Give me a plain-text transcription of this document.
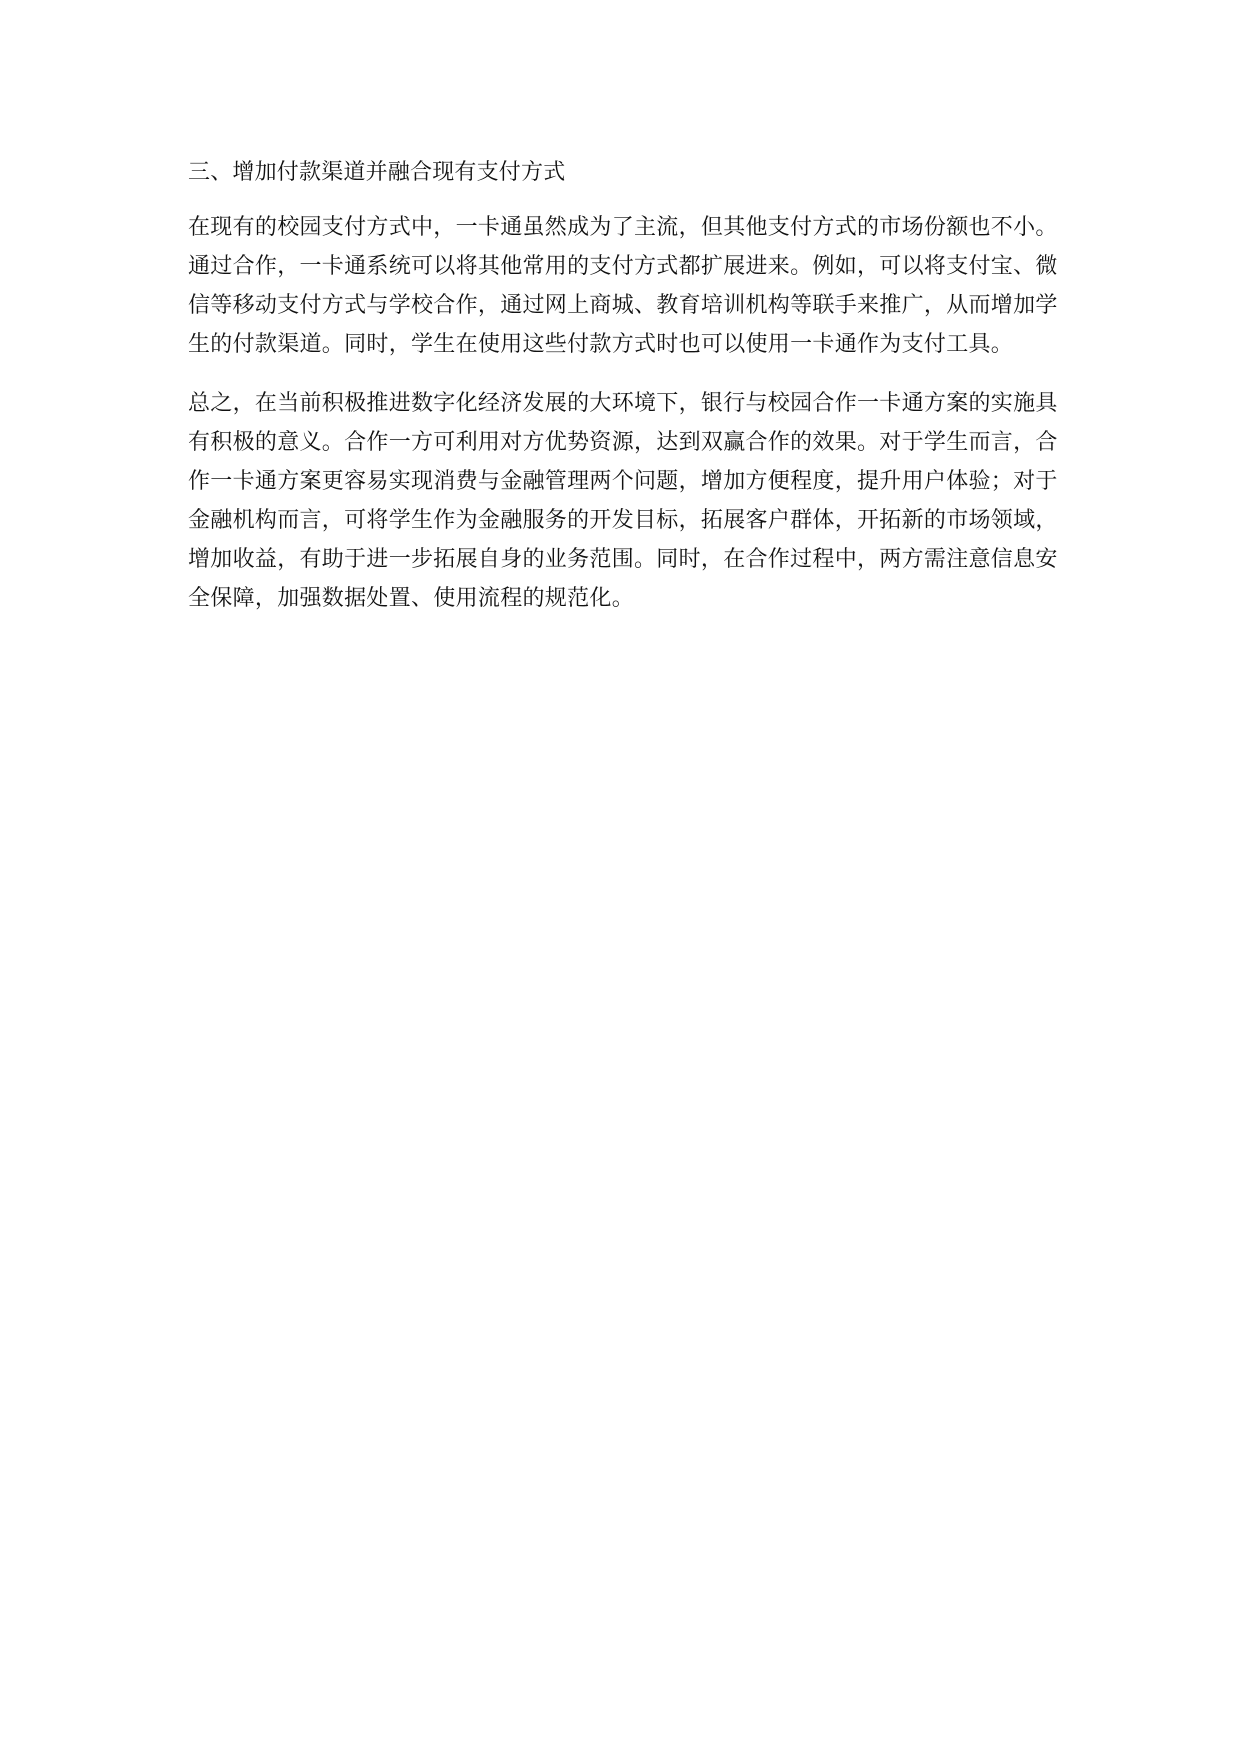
三、增加付款渠道并融合现有支付方式

在现有的校园支付方式中，一卡通虽然成为了主流，但其他支付方式的市场份额也不小。通过合作，一卡通系统可以将其他常用的支付方式都扩展进来。例如，可以将支付宝、微信等移动支付方式与学校合作，通过网上商城、教育培训机构等联手来推广，从而增加学生的付款渠道。同时，学生在使用这些付款方式时也可以使用一卡通作为支付工具。

总之，在当前积极推进数字化经济发展的大环境下，银行与校园合作一卡通方案的实施具有积极的意义。合作一方可利用对方优势资源，达到双赢合作的效果。对于学生而言，合作一卡通方案更容易实现消费与金融管理两个问题，增加方便程度，提升用户体验；对于金融机构而言，可将学生作为金融服务的开发目标，拓展客户群体，开拓新的市场领域，增加收益，有助于进一步拓展自身的业务范围。同时，在合作过程中，两方需注意信息安全保障，加强数据处置、使用流程的规范化。
